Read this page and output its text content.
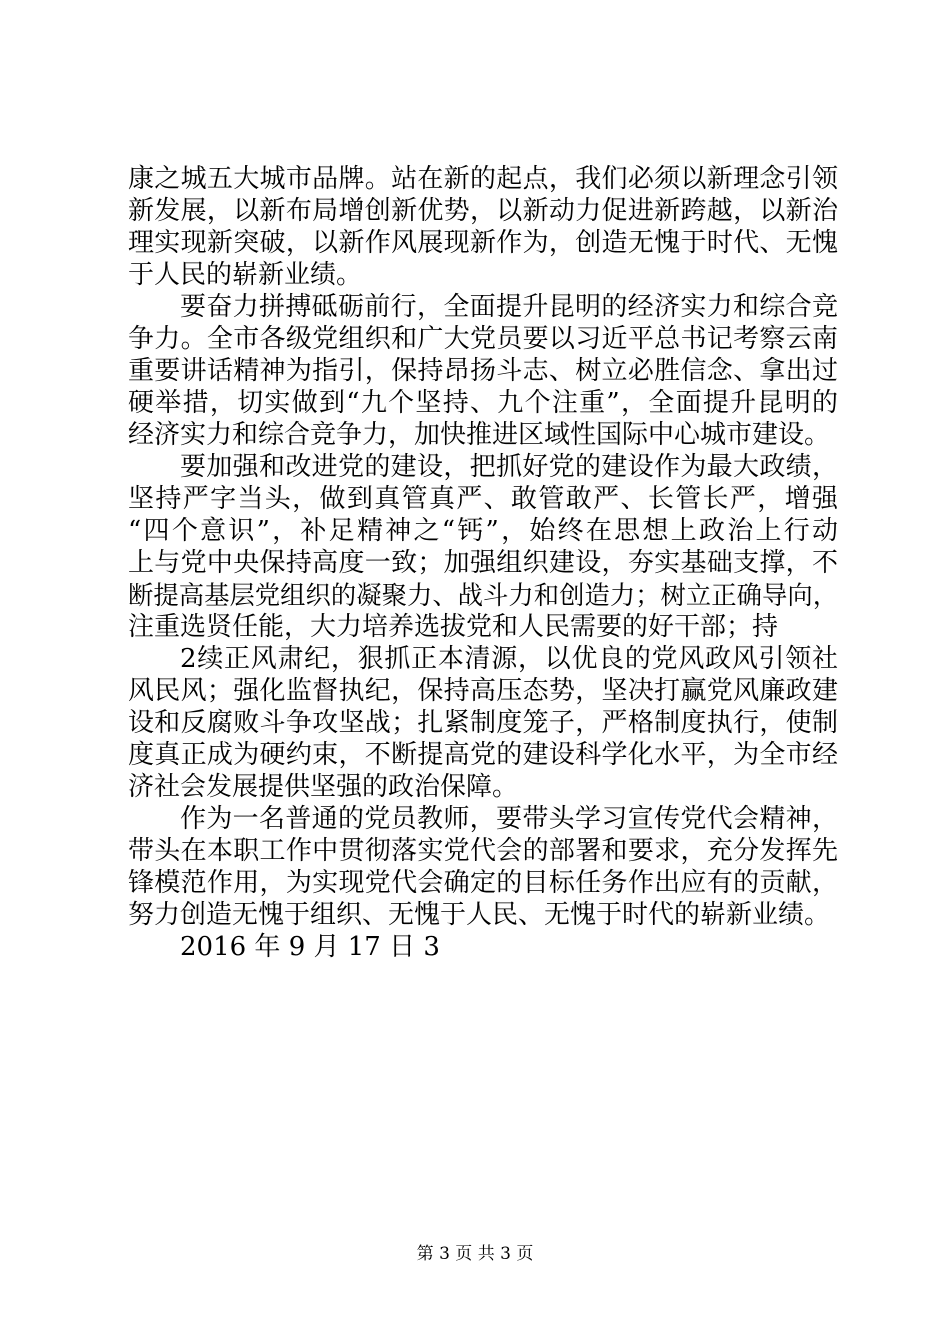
康之城五大城市品牌。站在新的起点，我们必须以新理念引领
新发展，以新布局增创新优势，以新动力促进新跨越，以新治
理实现新突破，以新作风展现新作为，创造无愧于时代、无愧
于人民的崭新业绩。
要奋力拼搏砥砺前行，全面提升昆明的经济实力和综合竞
争力。全市各级党组织和广大党员要以习近平总书记考察云南
重要讲话精神为指引，保持昂扬斗志、树立必胜信念、拿出过
硬举措，切实做到“九个坚持、九个注重”，全面提升昆明的
经济实力和综合竞争力，加快推进区域性国际中心城市建设。
要加强和改进党的建设，把抓好党的建设作为最大政绩，
坚持严字当头，做到真管真严、敢管敢严、长管长严，增强
“四个意识”，补足精神之“钙”，始终在思想上政治上行动
上与党中央保持高度一致；加强组织建设，夯实基础支撑，不
断提高基层党组织的凝聚力、战斗力和创造力；树立正确导向，
注重选贤任能，大力培养选拔党和人民需要的好干部；持
2续正风肃纪，狠抓正本清源，以优良的党风政风引领社
风民风；强化监督执纪，保持高压态势，坚决打赢党风廉政建
设和反腐败斗争攻坚战；扎紧制度笼子，严格制度执行，使制
度真正成为硬约束，不断提高党的建设科学化水平，为全市经
济社会发展提供坚强的政治保障。
作为一名普通的党员教师，要带头学习宣传党代会精神，
带头在本职工作中贯彻落实党代会的部署和要求，充分发挥先
锋模范作用，为实现党代会确定的目标任务作出应有的贡献，
努力创造无愧于组织、无愧于人民、无愧于时代的崭新业绩。
2016 年 9 月 17 日 3
第 3 页 共 3 页
